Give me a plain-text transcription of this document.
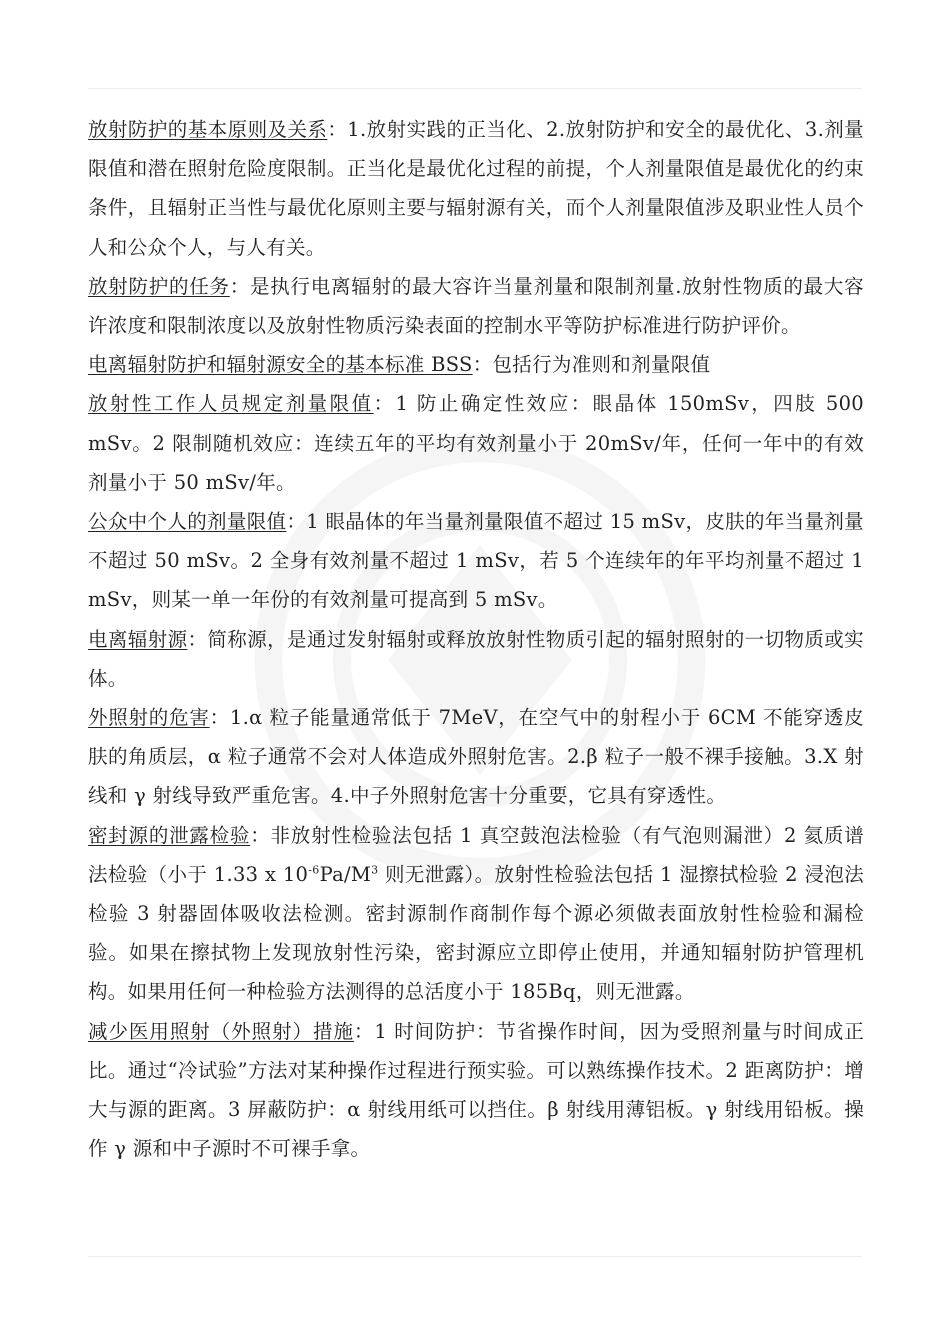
放射防护的基本原则及关系：1.放射实践的正当化、2.放射防护和安全的最优化、3.剂量限值和潜在照射危险度限制。正当化是最优化过程的前提，个人剂量限值是最优化的约束条件，且辐射正当性与最优化原则主要与辐射源有关，而个人剂量限值涉及职业性人员个人和公众个人，与人有关。

放射防护的任务：是执行电离辐射的最大容许当量剂量和限制剂量.放射性物质的最大容许浓度和限制浓度以及放射性物质污染表面的控制水平等防护标准进行防护评价。

电离辐射防护和辐射源安全的基本标准 BSS：包括行为准则和剂量限值

放射性工作人员规定剂量限值：1 防止确定性效应：眼晶体 150mSv，四肢 500 mSv。2 限制随机效应：连续五年的平均有效剂量小于 20mSv/年，任何一年中的有效剂量小于 50 mSv/年。

公众中个人的剂量限值：1 眼晶体的年当量剂量限值不超过 15 mSv，皮肤的年当量剂量不超过 50 mSv。2 全身有效剂量不超过 1 mSv，若 5 个连续年的年平均剂量不超过 1 mSv，则某一单一年份的有效剂量可提高到 5 mSv。

电离辐射源：简称源，是通过发射辐射或释放放射性物质引起的辐射照射的一切物质或实体。

外照射的危害：1.α 粒子能量通常低于 7MeV，在空气中的射程小于 6CM 不能穿透皮肤的角质层，α 粒子通常不会对人体造成外照射危害。2.β 粒子一般不裸手接触。3.X 射线和 γ 射线导致严重危害。4.中子外照射危害十分重要，它具有穿透性。

密封源的泄露检验：非放射性检验法包括 1 真空鼓泡法检验（有气泡则漏泄）2 氦质谱法检验（小于 1.33 x $10^{-6}Pa/M^3$ 则无泄露）。放射性检验法包括 1 湿擦拭检验 2 浸泡法检验 3 射器固体吸收法检测。密封源制作商制作每个源必须做表面放射性检验和漏检验。如果在擦拭物上发现放射性污染，密封源应立即停止使用，并通知辐射防护管理机构。如果用任何一种检验方法测得的总活度小于 185Bq，则无泄露。

减少医用照射（外照射）措施：1 时间防护：节省操作时间，因为受照剂量与时间成正比。通过“冷试验”方法对某种操作过程进行预实验。可以熟练操作技术。2 距离防护：增大与源的距离。3 屏蔽防护：α 射线用纸可以挡住。β 射线用薄铝板。γ 射线用铅板。操作 γ 源和中子源时不可裸手拿。
